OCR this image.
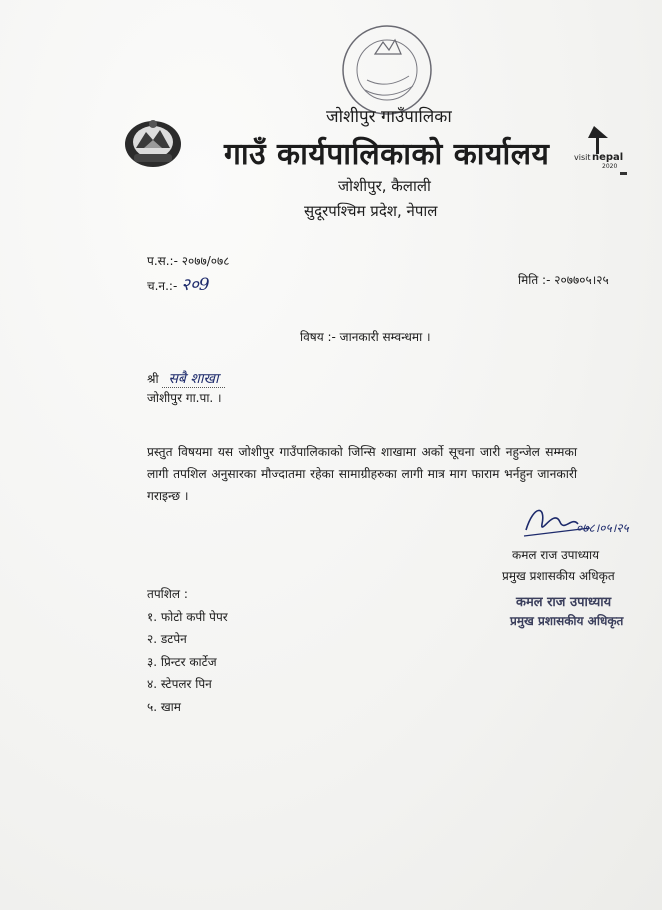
visit nepal
2020
जोशीपुर गाउँपालिका
गाउँ कार्यपालिकाको कार्यालय
जोशीपुर, कैलाली
सुदूरपश्चिम प्रदेश, नेपाल
प.स.:- २०७७/०७८
च.न.:- २०9	मिति :- २०७७०५।२५
विषय :- जानकारी सम्वन्धमा ।
श्री सबै शाखा
जोशीपुर गा.पा. ।
प्रस्तुत विषयमा यस जोशीपुर गाउँपालिकाको जिन्सि शाखामा अर्को सूचना जारी नहुन्जेल सम्मका लागी तपशिल अनुसारका मौज्दातमा रहेका सामाग्रीहरुका लागी मात्र माग फाराम भर्नहुन जानकारी गराइन्छ ।
०७८।०५।२५
कमल राज उपाध्याय
प्रमुख प्रशासकीय अधिकृत
कमल राज उपाध्याय
प्रमुख प्रशासकीय अधिकृत
तपशिल :
१. फोटो कपी पेपर
२. डटपेन
३. प्रिन्टर कार्टेज
४. स्टेपलर पिन
५. खाम
